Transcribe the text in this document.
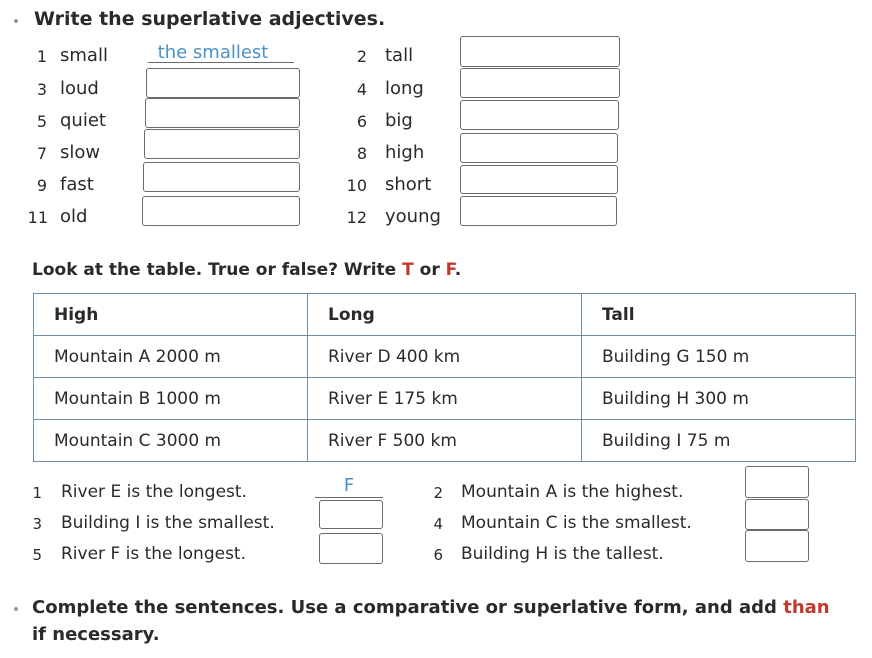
Write the superlative adjectives.
1 small	the smallest
3 loud
5 quiet
7 slow
9 fast
11 old
2 tall
4 long
6 big
8 high
10 short
12 young
Look at the table. True or false? Write T or F.
High	Long	Tall
Mountain A 2000 m	River D 400 km	Building G 150 m
Mountain B 1000 m	River E 175 km	Building H 300 m
Mountain C 3000 m	River F 500 km	Building I 75 m
1 River E is the longest.	F
3 Building I is the smallest.
5 River F is the longest.
2 Mountain A is the highest.
4 Mountain C is the smallest.
6 Building H is the tallest.
Complete the sentences. Use a comparative or superlative form, and add than
if necessary.
